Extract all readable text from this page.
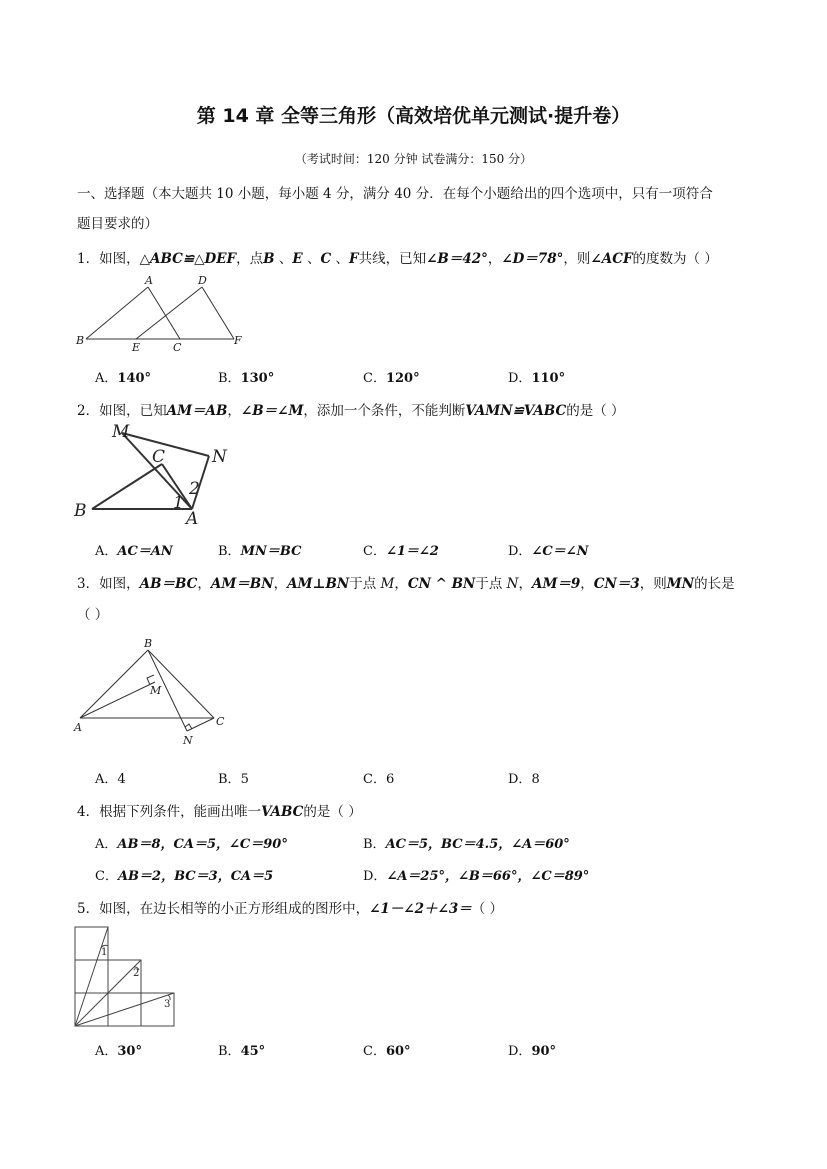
第 14 章 全等三角形（高效培优单元测试·提升卷）
（考试时间：120 分钟 试卷满分：150 分）
一、选择题（本大题共 10 小题，每小题 4 分，满分 40 分．在每个小题给出的四个选项中，只有一项符合
题目要求的）
1．如图，△ABC≌△DEF，点B 、E 、C 、F共线，已知∠B＝42°，∠D＝78°，则∠ACF的度数为（ ）
A	D
B
E	C
F
A．140°	B．130°	C．120°	D．110°
2．如图，已知AM＝AB，∠B＝∠M，添加一个条件，不能判断VAMN≌VABC的是（ ）
M
C	N
B	1
2
A
A．AC＝AN	B．MN＝BC	C．∠1＝∠2	D．∠C＝∠N
3．如图，AB＝BC，AM＝BN，AM⊥BN于点 M，CN ^ BN于点 N，AM＝9，CN＝3，则MN的长是
（ ）
B
M
A
N
C
A．4	B．5	C．6	D．8
4．根据下列条件，能画出唯一VABC的是（ ）
A．AB＝8，CA＝5，∠C＝90°	B．AC＝5，BC＝4.5，∠A＝60°
C．AB＝2，BC＝3，CA＝5	D．∠A＝25°，∠B＝66°，∠C＝89°
5．如图，在边长相等的小正方形组成的图形中，∠1－∠2＋∠3＝（ ）
1
2
3
A．30°	B．45°	C．60°	D．90°
